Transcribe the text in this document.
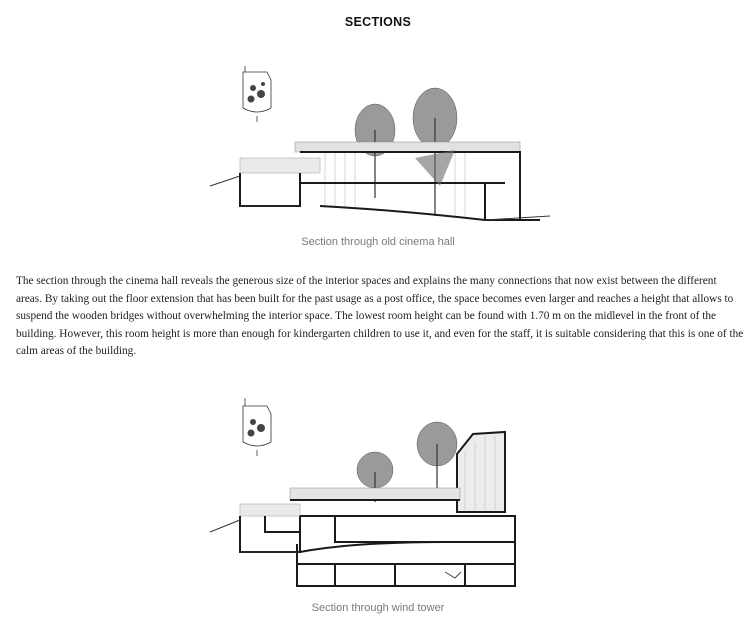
SECTIONS
Section through old cinema hall
The section through the cinema hall reveals the generous size of the interior spaces and explains the many connections that now exist between the different areas. By taking out the floor extension that has been built for the past usage as a post office, the space becomes even larger and reaches a height that allows to suspend the wooden bridges without overwhelming the interior space. The lowest room height can be found with 1.70 m on the midlevel in the front of the building. However, this room height is more than enough for kindergarten children to use it, and even for the staff, it is suitable considering that this is one of the calm areas of the building.
Section through wind tower
